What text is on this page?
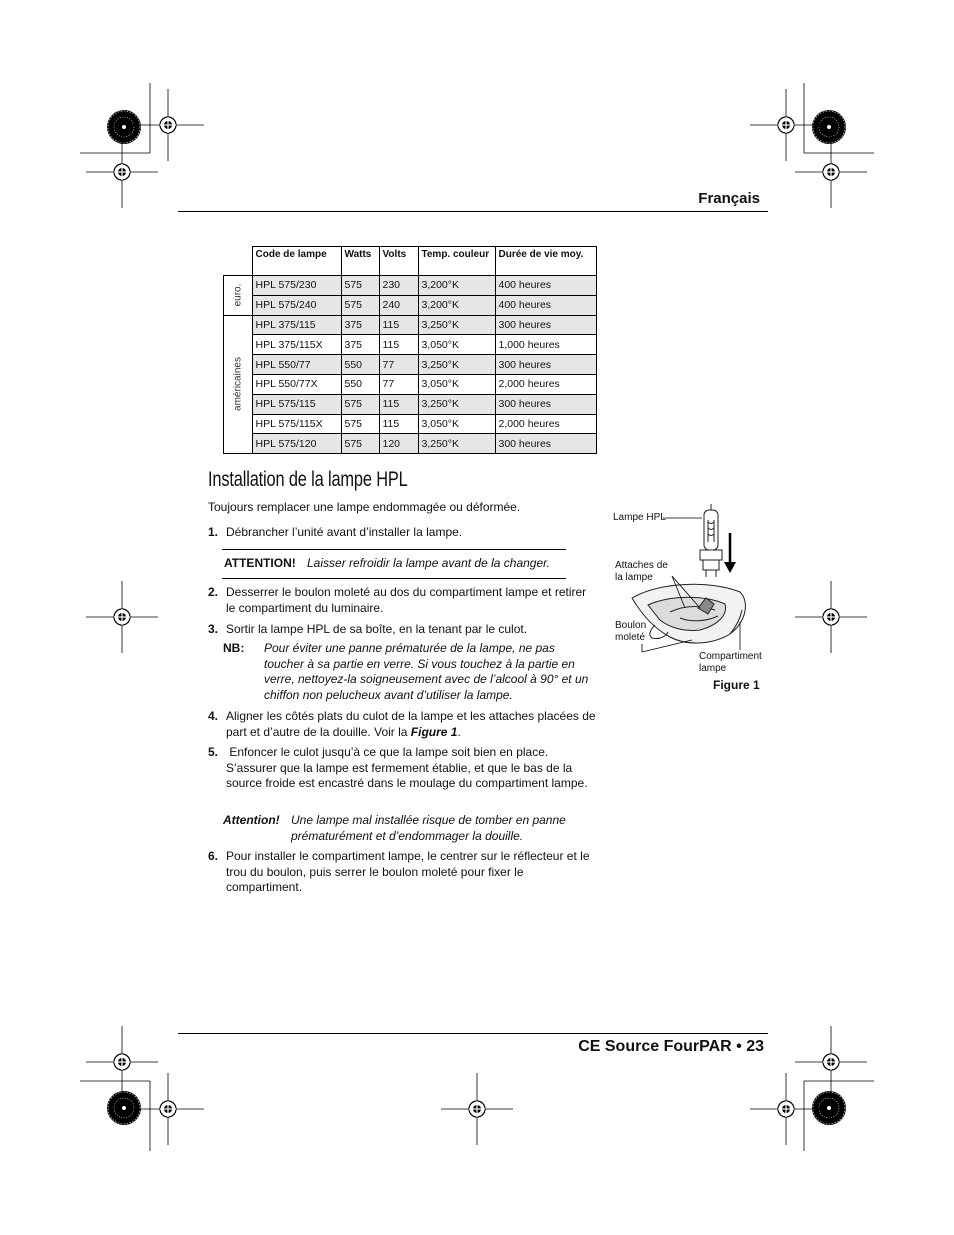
Français
	Code de lampe	Watts	Volts	Temp. couleur	Durée de vie moy.

euro.	HPL 575/230	575	230	3,200°K	400 heures
	HPL 575/240	575	240	3,200°K	400 heures

américaines	HPL 375/115	375	115	3,250°K	300 heures
	HPL 375/115X	375	115	3,050°K	1,000 heures
	HPL 550/77	550	77	3,250°K	300 heures
	HPL 550/77X	550	77	3,050°K	2,000 heures
	HPL 575/115	575	115	3,250°K	300 heures
	HPL 575/115X	575	115	3,050°K	2,000 heures
	HPL 575/120	575	120	3,250°K	300 heures
Installation de la lampe HPL
Toujours remplacer une lampe endommagée ou déformée.
1. Débrancher l’unité avant d’installer la lampe.
ATTENTION! Laisser refroidir la lampe avant de la changer.
2. Desserrer le boulon moleté au dos du compartiment lampe et retirer le compartiment du luminaire.
3. Sortir la lampe HPL de sa boîte, en la tenant par le culot.
NB: Pour éviter une panne prématurée de la lampe, ne pas toucher à sa partie en verre. Si vous touchez à la partie en verre, nettoyez-la soigneusement avec de l’alcool à 90° et un chiffon non pelucheux avant d’utiliser la lampe.
4. Aligner les côtés plats du culot de la lampe et les attaches placées de part et d’autre de la douille. Voir la Figure 1.
5. Enfoncer le culot jusqu’à ce que la lampe soit bien en place. S’assurer que la lampe est fermement établie, et que le bas de la source froide est encastré dans le moulage du compartiment lampe.
Attention! Une lampe mal installée risque de tomber en panne prématurément et d’endommager la douille.
6. Pour installer le compartiment lampe, le centrer sur le réflecteur et le trou du boulon, puis serrer le boulon moleté pour fixer le compartiment.
Lampe HPL
Attaches de
la lampe
Boulon
moleté
Compartiment
lampe
Figure 1
CE Source FourPAR • 23
